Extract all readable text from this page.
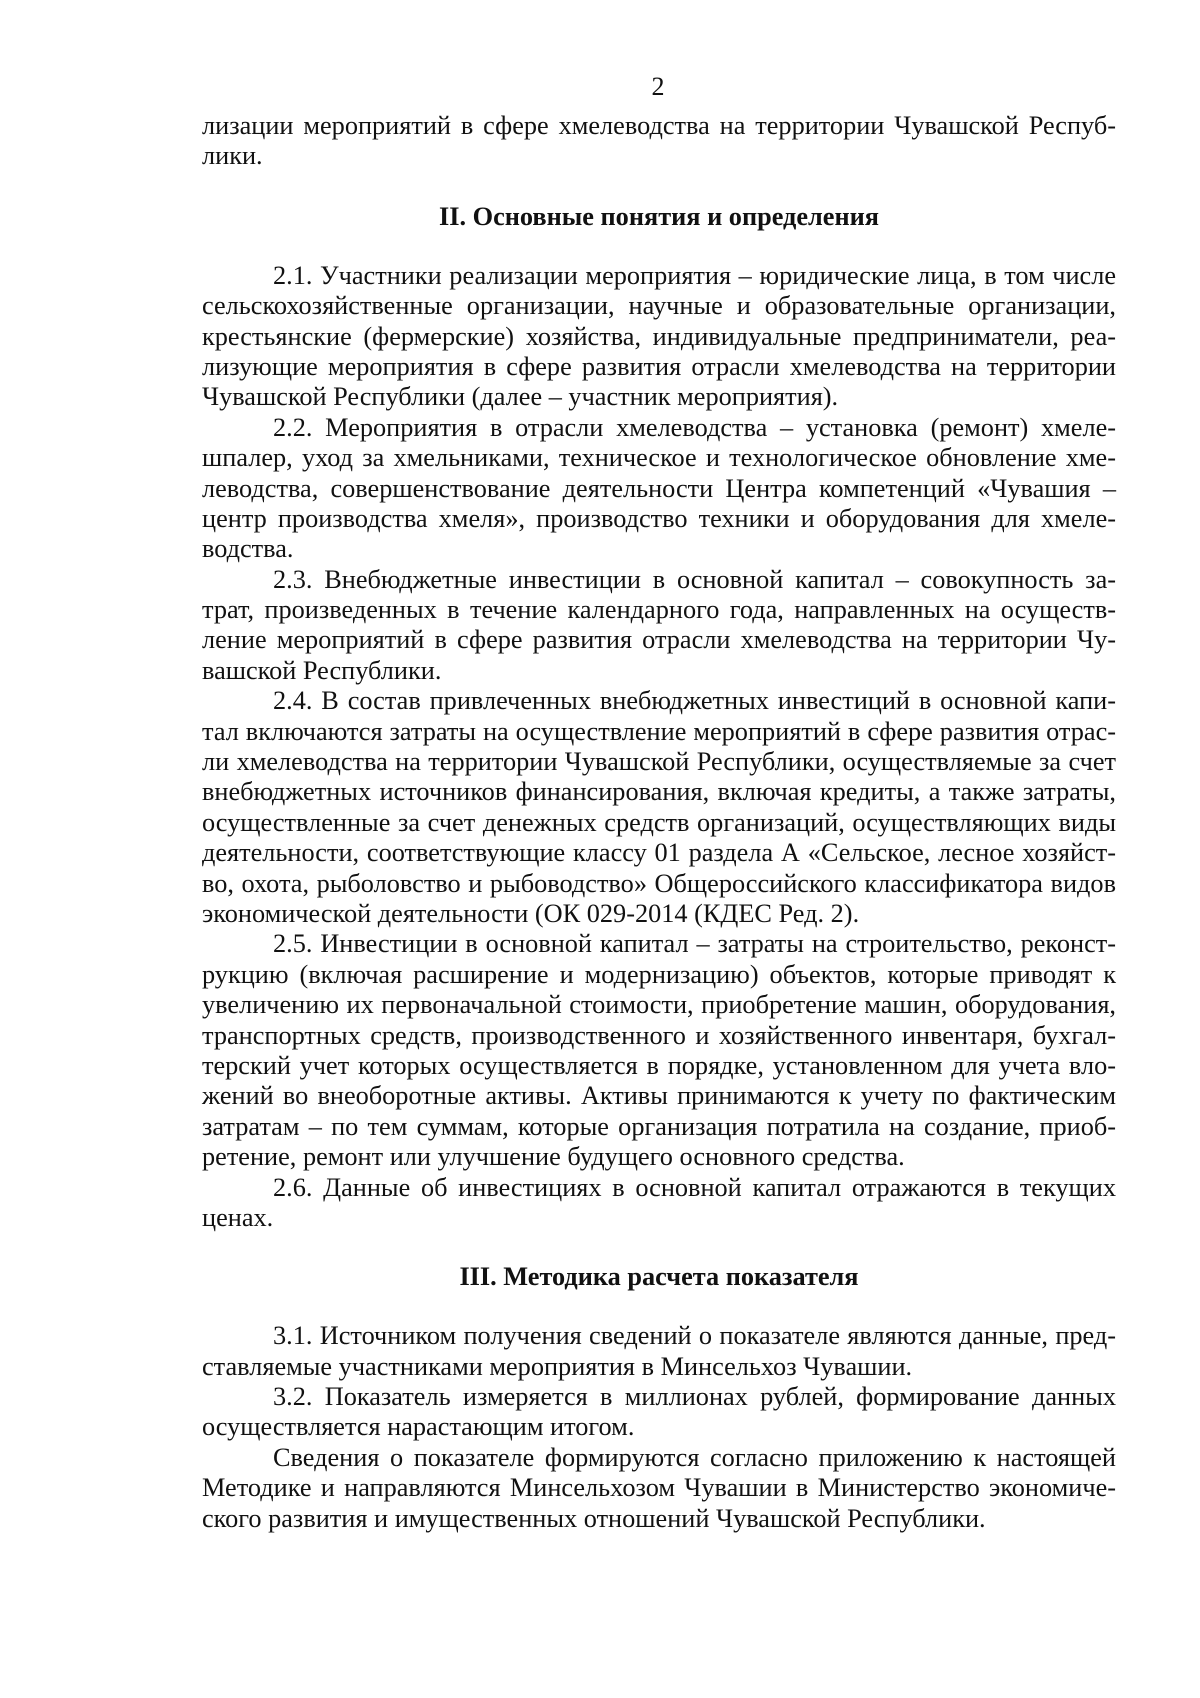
2
лизации мероприятий в сфере хмелеводства на территории Чувашской Респуб-
лики.
II. Основные понятия и определения
2.1. Участники реализации мероприятия – юридические лица, в том числе
сельскохозяйственные организации, научные и образовательные организации,
крестьянские (фермерские) хозяйства, индивидуальные предприниматели, реа-
лизующие мероприятия в сфере развития отрасли хмелеводства на территории
Чувашской Республики (далее – участник мероприятия).
2.2. Мероприятия в отрасли хмелеводства – установка (ремонт) хмеле-
шпалер, уход за хмельниками, техническое и технологическое обновление хме-
леводства, совершенствование деятельности Центра компетенций «Чувашия –
центр производства хмеля», производство техники и оборудования для хмеле-
водства.
2.3. Внебюджетные инвестиции в основной капитал – совокупность за-
трат, произведенных в течение календарного года, направленных на осуществ-
ление мероприятий в сфере развития отрасли хмелеводства на территории Чу-
вашской Республики.
2.4. В состав привлеченных внебюджетных инвестиций в основной капи-
тал включаются затраты на осуществление мероприятий в сфере развития отрас-
ли хмелеводства на территории Чувашской Республики, осуществляемые за счет
внебюджетных источников финансирования, включая кредиты, а также затраты,
осуществленные за счет денежных средств организаций, осуществляющих виды
деятельности, соответствующие классу 01 раздела А «Сельское, лесное хозяйст-
во, охота, рыболовство и рыбоводство» Общероссийского классификатора видов
экономической деятельности (ОК 029-2014 (КДЕС Ред. 2).
2.5. Инвестиции в основной капитал – затраты на строительство, реконст-
рукцию (включая расширение и модернизацию) объектов, которые приводят к
увеличению их первоначальной стоимости, приобретение машин, оборудования,
транспортных средств, производственного и хозяйственного инвентаря, бухгал-
терский учет которых осуществляется в порядке, установленном для учета вло-
жений во внеоборотные активы. Активы принимаются к учету по фактическим
затратам – по тем суммам, которые организация потратила на создание, приоб-
ретение, ремонт или улучшение будущего основного средства.
2.6. Данные об инвестициях в основной капитал отражаются в текущих
ценах.
III. Методика расчета показателя
3.1. Источником получения сведений о показателе являются данные, пред-
ставляемые участниками мероприятия в Минсельхоз Чувашии.
3.2. Показатель измеряется в миллионах рублей, формирование данных
осуществляется нарастающим итогом.
Сведения о показателе формируются согласно приложению к настоящей
Методике и направляются Минсельхозом Чувашии в Министерство экономиче-
ского развития и имущественных отношений Чувашской Республики.
